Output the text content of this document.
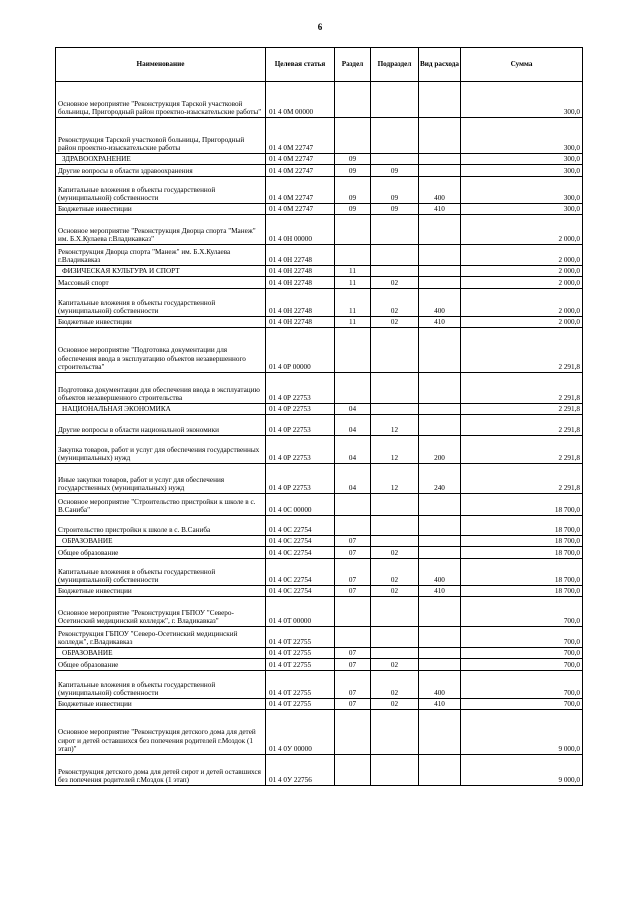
6
Наименование	Целевая статья	Раздел	Подраздел	Вид расхода	Сумма
Основное мероприятие "Реконструкция Тарской участковой больницы, Пригородный район проектно-изыскательские работы"	01 4 0М 00000				300,0
Реконструкция Тарской участковой больницы, Пригородный район проектно-изыскательские работы	01 4 0М 22747				300,0
ЗДРАВООХРАНЕНИЕ	01 4 0М 22747	09			300,0
Другие вопросы в области здравоохранения	01 4 0М 22747	09	09		300,0
Капитальные вложения в объекты государственной (муниципальной) собственности	01 4 0М 22747	09	09	400	300,0
Бюджетные инвестиции	01 4 0М 22747	09	09	410	300,0
Основное мероприятие "Реконструкция Дворца спорта "Манеж" им. Б.Х.Кулаева г.Владикавказ"	01 4 0Н 00000				2 000,0
Реконструкция Дворца спорта "Манеж" им. Б.Х.Кулаева г.Владикавказ	01 4 0Н 22748				2 000,0
ФИЗИЧЕСКАЯ КУЛЬТУРА И СПОРТ	01 4 0Н 22748	11			2 000,0
Массовый спорт	01 4 0Н 22748	11	02		2 000,0
Капитальные вложения в объекты государственной (муниципальной) собственности	01 4 0Н 22748	11	02	400	2 000,0
Бюджетные инвестиции	01 4 0Н 22748	11	02	410	2 000,0
Основное мероприятие "Подготовка документации для обеспечения ввода в эксплуатацию объектов незавершенного строительства"	01 4 0Р 00000				2 291,8
Подготовка документации для обеспечения ввода в эксплуатацию объектов незавершенного строительства	01 4 0Р 22753				2 291,8
НАЦИОНАЛЬНАЯ ЭКОНОМИКА	01 4 0Р 22753	04			2 291,8
Другие вопросы в области национальной экономики	01 4 0Р 22753	04	12		2 291,8
Закупка товаров, работ и услуг для обеспечения государственных (муниципальных) нужд	01 4 0Р 22753	04	12	200	2 291,8
Иные закупки товаров, работ и услуг для обеспечения государственных (муниципальных) нужд	01 4 0Р 22753	04	12	240	2 291,8
Основное мероприятие "Строительство пристройки к школе в с. В.Саниба"	01 4 0С 00000				18 700,0
Строительство пристройки к школе в с. В.Саниба	01 4 0С 22754				18 700,0
ОБРАЗОВАНИЕ	01 4 0С 22754	07			18 700,0
Общее образование	01 4 0С 22754	07	02		18 700,0
Капитальные вложения в объекты государственной (муниципальной) собственности	01 4 0С 22754	07	02	400	18 700,0
Бюджетные инвестиции	01 4 0С 22754	07	02	410	18 700,0
Основное мероприятие "Реконструкция ГБПОУ "Северо-Осетинский медицинский колледж", г. Владикавказ"	01 4 0Т 00000				700,0
Реконструкция ГБПОУ "Северо-Осетинский медицинский колледж", г.Владикавказ	01 4 0Т 22755				700,0
ОБРАЗОВАНИЕ	01 4 0Т 22755	07			700,0
Общее образование	01 4 0Т 22755	07	02		700,0
Капитальные вложения в объекты государственной (муниципальной) собственности	01 4 0Т 22755	07	02	400	700,0
Бюджетные инвестиции	01 4 0Т 22755	07	02	410	700,0
Основное мероприятие "Реконструкция детского дома для детей сирот и детей оставшихся без попечения родителей г.Моздок (1 этап)"	01 4 0У 00000				9 000,0
Реконструкция детского дома для детей сирот и детей оставшихся без попечения родителей г.Моздок (1 этап)	01 4 0У 22756				9 000,0
